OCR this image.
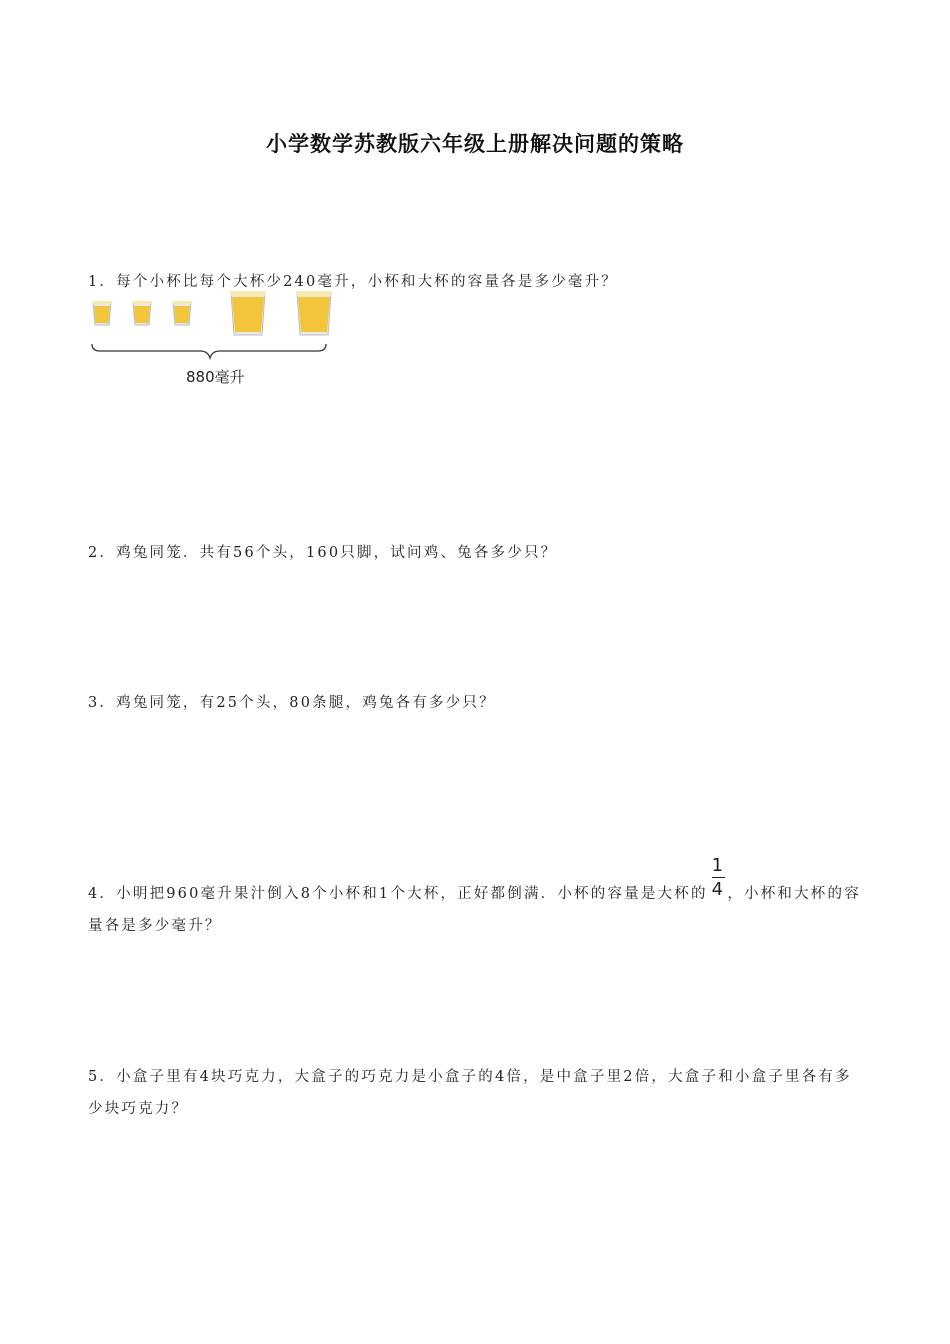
小学数学苏教版六年级上册解决问题的策略
1．每个小杯比每个大杯少240毫升，小杯和大杯的容量各是多少毫升？
880毫升
2．鸡兔同笼．共有56个头，160只脚，试问鸡、兔各多少只？
3．鸡兔同笼，有25个头，80条腿，鸡兔各有多少只？
4．小明把960毫升果汁倒入8个小杯和1个大杯，正好都倒满．小杯的容量是大杯的 $\frac{1}{4}$ ，小杯和大杯的容量各是多少毫升？
5．小盒子里有4块巧克力，大盒子的巧克力是小盒子的4倍，是中盒子里2倍，大盒子和小盒子里各有多少块巧克力？
